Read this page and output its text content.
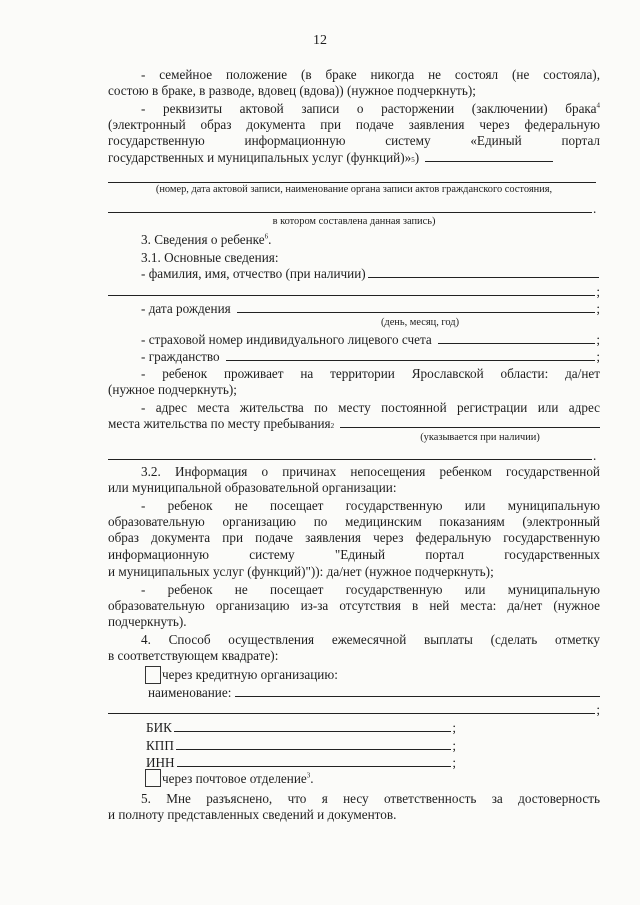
12
- семейное положение (в браке никогда не состоял (не состояла),
состою в браке, в разводе, вдовец (вдова)) (нужное подчеркнуть);
- реквизиты актовой записи о расторжении (заключении) брака$^4$
(электронный образ документа при подаче заявления через федеральную
государственную информационную систему «Единый портал
государственных и муниципальных услуг (функций)» 5 )
(номер, дата актовой записи, наименование органа записи актов гражданского состояния,
.
в котором составлена данная запись)
3. Сведения о ребенке$^6$.
3.1. Основные сведения:
- фамилия, имя, отчество (при наличии)
;
- дата рождения	;
(день, месяц, год)
- страховой номер индивидуального лицевого счета	;
- гражданство	;
- ребенок проживает на территории Ярославской области: да/нет
(нужное подчеркнуть);
- адрес места жительства по месту постоянной регистрации или адрес
места жительства по месту пребывания 2
(указывается при наличии)
.
3.2. Информация о причинах непосещения ребенком государственной
или муниципальной образовательной организации:
- ребенок не посещает государственную или муниципальную
образовательную организацию по медицинским показаниям (электронный
образ документа при подаче заявления через федеральную государственную
информационную систему "Единый портал государственных
и муниципальных услуг (функций)")): да/нет (нужное подчеркнуть);
- ребенок не посещает государственную или муниципальную
образовательную организацию из-за отсутствия в ней места: да/нет (нужное
подчеркнуть).
4. Способ осуществления ежемесячной выплаты (сделать отметку
в соответствующем квадрате):
через кредитную организацию:
наименование:
;
БИК	;
КПП	;
ИНН	;
через почтовое отделение$^3$.
5. Мне разъяснено, что я несу ответственность за достоверность
и полноту представленных сведений и документов.
